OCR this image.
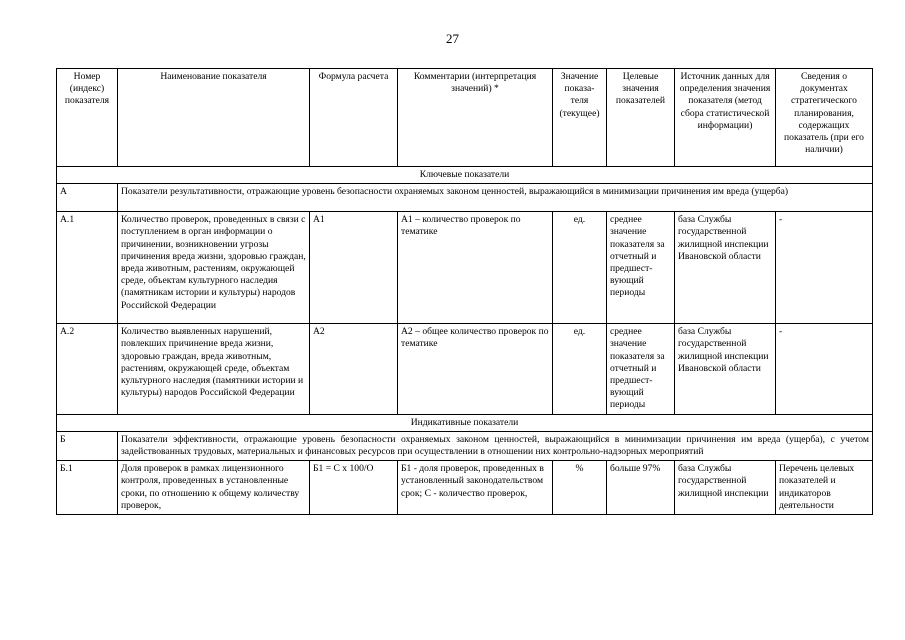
27
Номер (индекс) показателя	Наименование показателя	Формула расчета	Комментарии (интерпретация значений) *	Значение показа-теля (текущее)	Целевые значения показателей	Источник данных для определения значения показателя (метод сбора статистической информации)	Сведения о документах стратегического планирования, содержащих показатель (при его наличии)
Ключевые показатели							
А	Показатели результативности, отражающие уровень безопасности охраняемых законом ценностей, выражающийся в минимизации причинения им вреда (ущерба)						
А.1	Количество проверок, проведенных в связи с поступлением в орган информации о причинении, возникновении угрозы причинения вреда жизни, здоровью граждан, вреда животным, растениям, окружающей среде, объектам культурного наследия (памятникам истории и культуры) народов Российской Федерации	А1	А1 – количество проверок по тематике	ед.	среднее значение показателя за отчетный и предшест-вующий периоды	база Службы государственной жилищной инспекции Ивановской области	-
А.2	Количество выявленных нарушений, повлекших причинение вреда жизни, здоровью граждан, вреда животным, растениям, окружающей среде, объектам культурного наследия (памятники истории и культуры) народов Российской Федерации	А2	А2 – общее количество проверок по тематике	ед.	среднее значение показателя за отчетный и предшест-вующий периоды	база Службы государственной жилищной инспекции Ивановской области	-
Индикативные показатели							
Б	Показатели эффективности, отражающие уровень безопасности охраняемых законом ценностей, выражающийся в минимизации причинения им вреда (ущерба), с учетом задействованных трудовых, материальных и финансовых ресурсов при осуществлении в отношении них контрольно-надзорных мероприятий						
Б.1	Доля проверок в рамках лицензионного контроля, проведенных в установленные сроки, по отношению к общему количеству проверок,	Б1 = С х 100/О	Б1 - доля проверок, проведенных в установленный законодательством срок; С - количество проверок,	%	больше 97%	база Службы государственной жилищной инспекции	Перечень целевых показателей и индикаторов деятельности
